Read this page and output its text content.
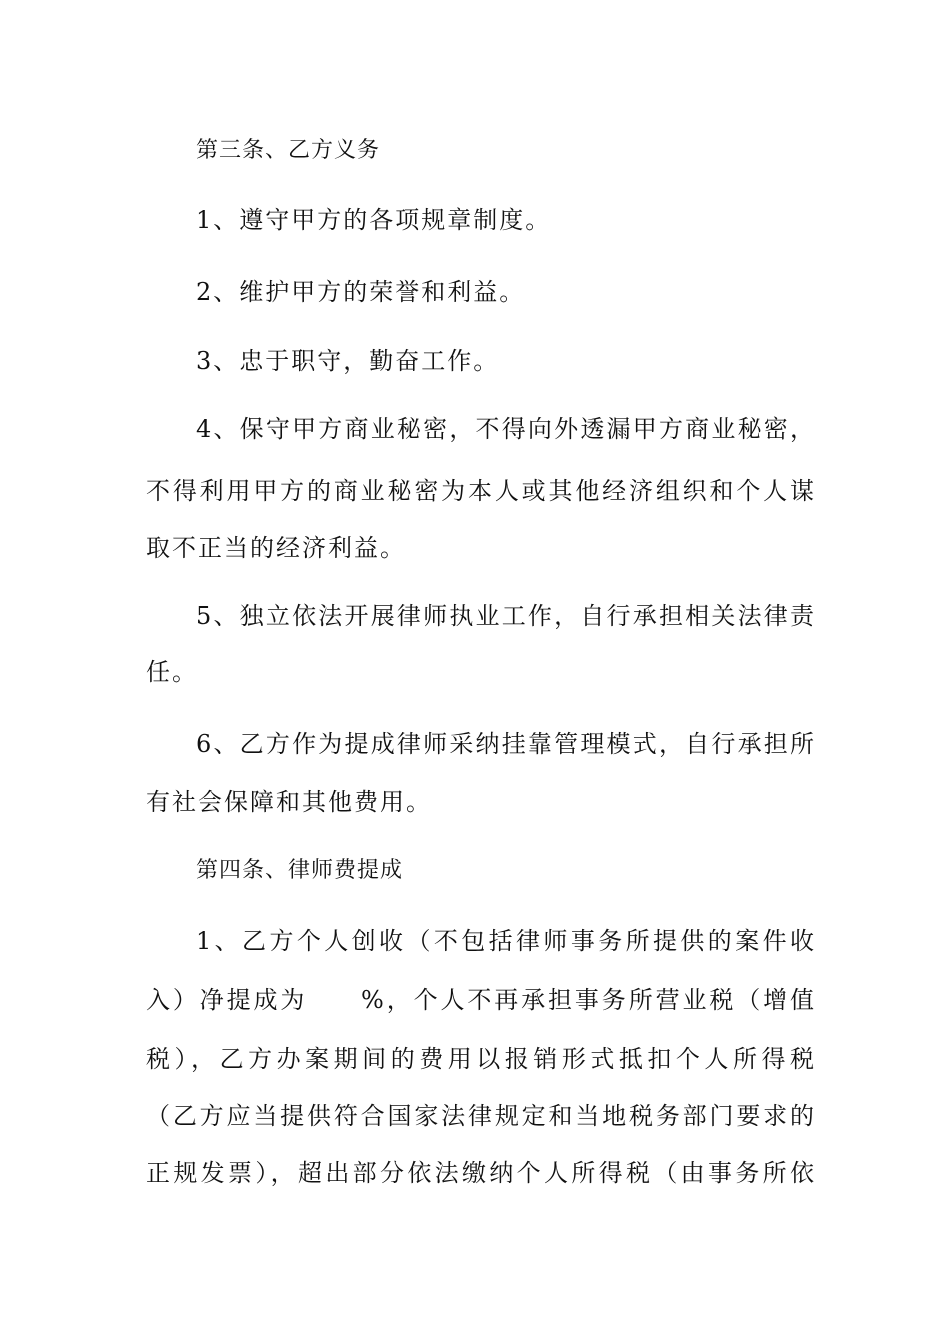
第三条、乙方义务
1、遵守甲方的各项规章制度。
2、维护甲方的荣誉和利益。
3、忠于职守，勤奋工作。
4、保守甲方商业秘密，不得向外透漏甲方商业秘密，
不得利用甲方的商业秘密为本人或其他经济组织和个人谋
取不正当的经济利益。
5、独立依法开展律师执业工作，自行承担相关法律责
任。
6、乙方作为提成律师采纳挂靠管理模式，自行承担所
有社会保障和其他费用。
第四条、律师费提成
1、乙方个人创收（不包括律师事务所提供的案件收
入）净提成为　　%，个人不再承担事务所营业税（增值
税），乙方办案期间的费用以报销形式抵扣个人所得税
（乙方应当提供符合国家法律规定和当地税务部门要求的
正规发票），超出部分依法缴纳个人所得税（由事务所依
